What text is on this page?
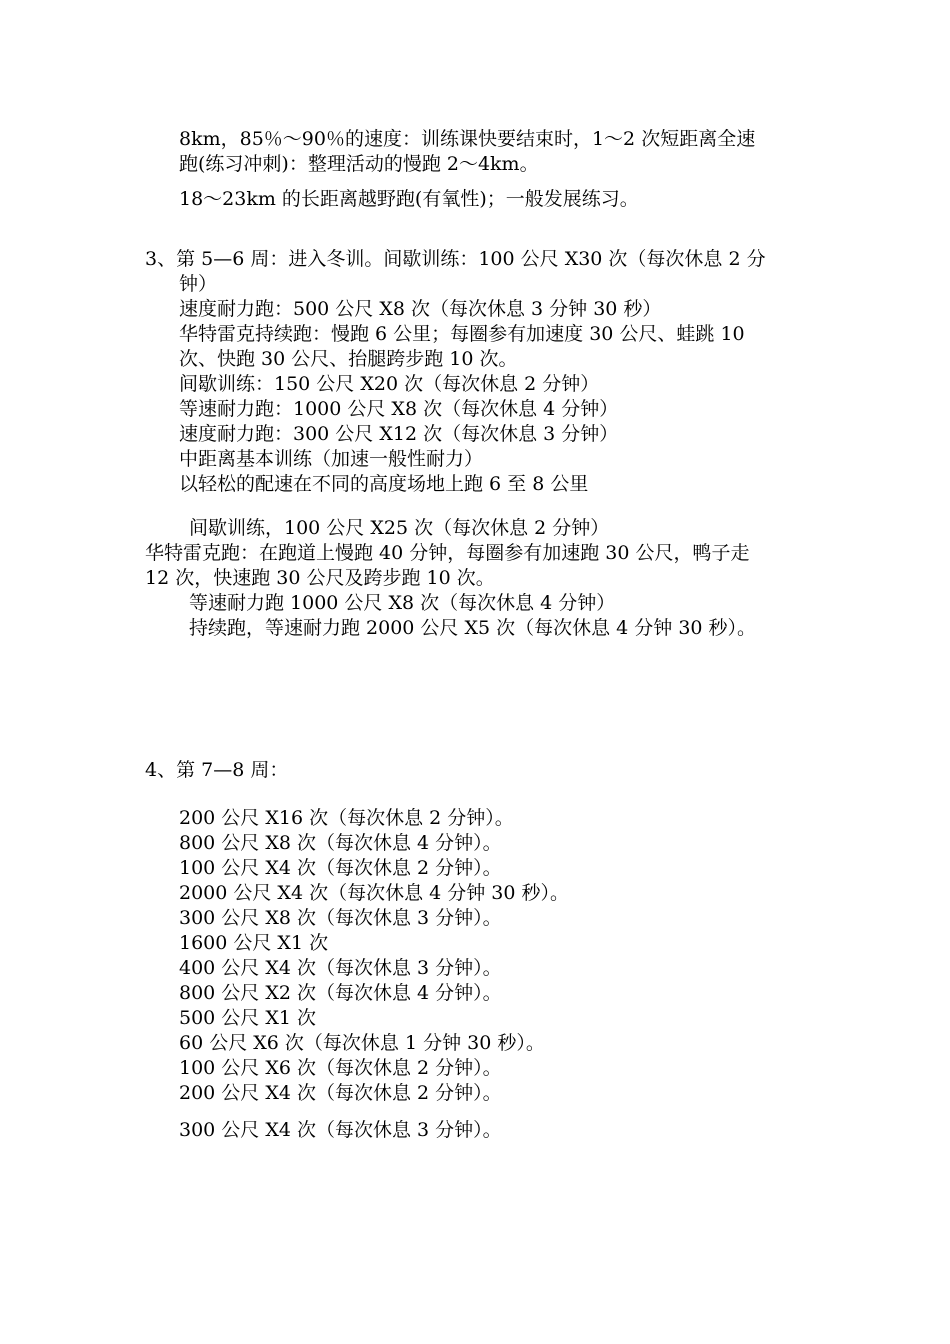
8km，85％～90％的速度：训练课快要结束时，1～2 次短距离全速
跑(练习冲刺)：整理活动的慢跑 2～4km。
18～23km 的长距离越野跑(有氧性)；一般发展练习。
3、第 5—6 周：进入冬训。间歇训练：100 公尺 X30 次（每次休息 2 分
钟）
速度耐力跑：500 公尺 X8 次（每次休息 3 分钟 30 秒）
华特雷克持续跑：慢跑 6 公里；每圈参有加速度 30 公尺、蛙跳 10
次、快跑 30 公尺、抬腿跨步跑 10 次。
间歇训练：150 公尺 X20 次（每次休息 2 分钟）
等速耐力跑：1000 公尺 X8 次（每次休息 4 分钟）
速度耐力跑：300 公尺 X12 次（每次休息 3 分钟）
中距离基本训练（加速一般性耐力）
以轻松的配速在不同的高度场地上跑 6 至 8 公里
间歇训练，100 公尺 X25 次（每次休息 2 分钟）
华特雷克跑：在跑道上慢跑 40 分钟，每圈参有加速跑 30 公尺，鸭子走
12 次，快速跑 30 公尺及跨步跑 10 次。
等速耐力跑 1000 公尺 X8 次（每次休息 4 分钟）
持续跑，等速耐力跑 2000 公尺 X5 次（每次休息 4 分钟 30 秒）。
4、第 7—8 周：
200 公尺 X16 次（每次休息 2 分钟）。
800 公尺 X8 次（每次休息 4 分钟）。
100 公尺 X4 次（每次休息 2 分钟）。
2000 公尺 X4 次（每次休息 4 分钟 30 秒）。
300 公尺 X8 次（每次休息 3 分钟）。
1600 公尺 X1 次
400 公尺 X4 次（每次休息 3 分钟）。
800 公尺 X2 次（每次休息 4 分钟）。
500 公尺 X1 次
60 公尺 X6 次（每次休息 1 分钟 30 秒）。
100 公尺 X6 次（每次休息 2 分钟）。
200 公尺 X4 次（每次休息 2 分钟）。
300 公尺 X4 次（每次休息 3 分钟）。
